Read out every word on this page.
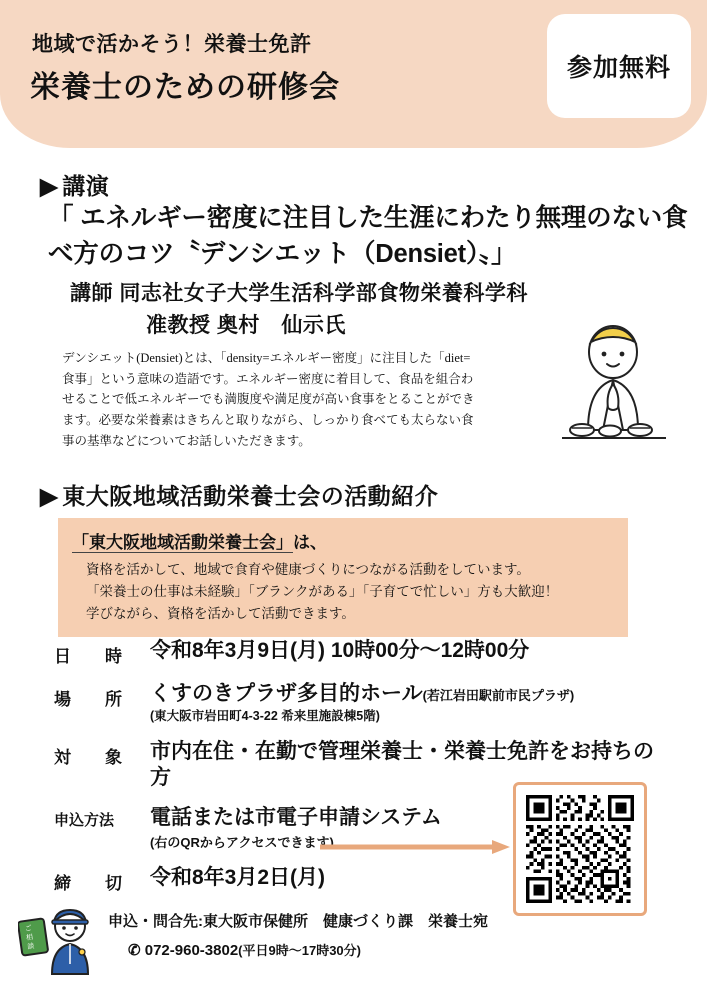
地域で活かそう！栄養士免許
栄養士のための研修会
参加無料
▶ 講演
「 エネルギー密度に注目した生涯にわたり無理のない食べ方のコツ〝デンシエット（Densiet）〟」
講師 同志社女子大学生活科学部食物栄養科学科
准教授 奥村　仙示氏
デンシエット(Densiet)とは、「density=エネルギー密度」に注目した「diet=食事」という意味の造語です。エネルギー密度に着目して、食品を組合わせることで低エネルギーでも満腹度や満足度が高い食事をとることができます。必要な栄養素はきちんと取りながら、しっかり食べても太らない食事の基準などについてお話しいただきます。
▶ 東大阪地域活動栄養士会の活動紹介
「東大阪地域活動栄養士会」は、
資格を活かして、地域で食育や健康づくりにつながる活動をしています。
「栄養士の仕事は未経験」「ブランクがある」「子育てで忙しい」方も大歓迎！
学びながら、資格を活かして活動できます。
日　　時	令和8年3月9日(月) 10時00分〜12時00分
場　　所	くすのきプラザ多目的ホール(若江岩田駅前市民プラザ)
(東大阪市岩田町4-3-22 希来里施設棟5階)
対　　象	市内在住・在勤で管理栄養士・栄養士免許をお持ちの方
申込方法	電話または市電子申請システム
(右のQRからアクセスできます)
締　　切	令和8年3月2日(月)
ご
相
談
申込・問合先:東大阪市保健所　健康づくり課　栄養士宛
✆ 072-960-3802(平日9時〜17時30分)
